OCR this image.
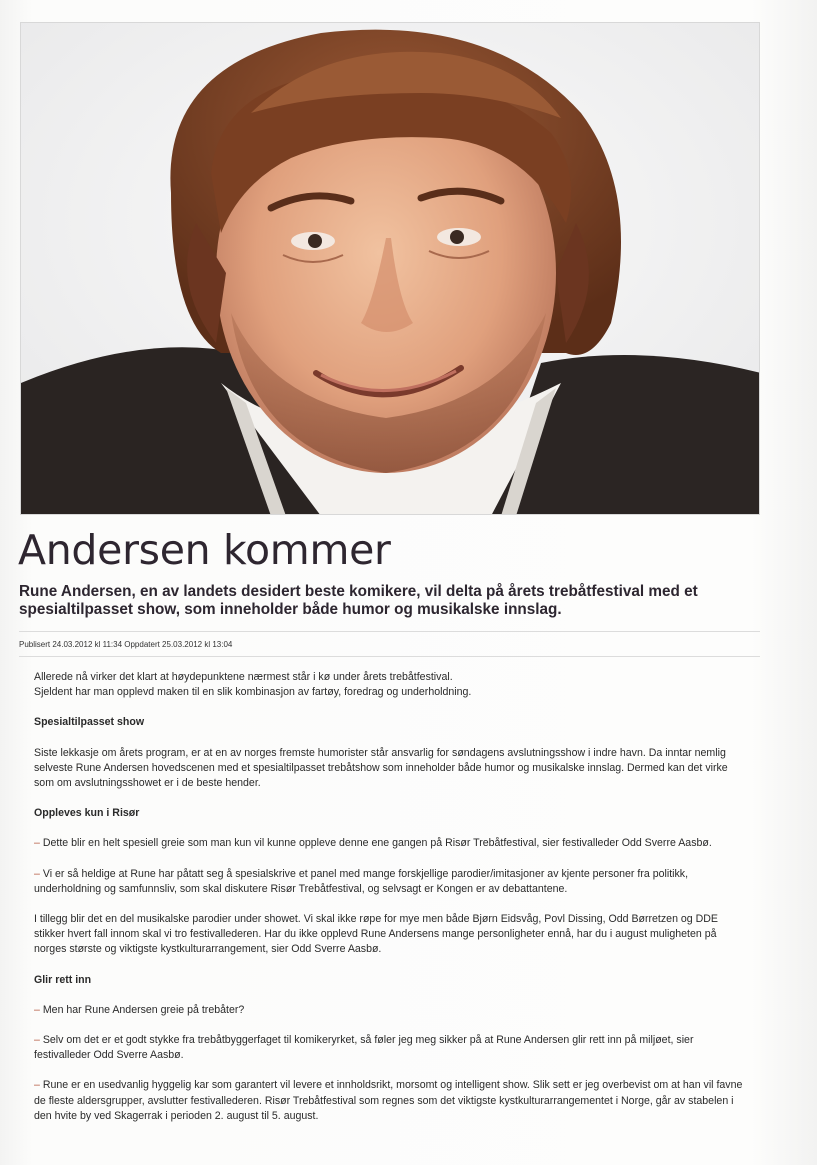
Andersen kommer

Rune Andersen, en av landets desidert beste komikere, vil delta på årets trebåtfestival med et spesialtilpasset show, som inneholder både humor og musikalske innslag.

Publisert 24.03.2012 kl 11:34 Oppdatert 25.03.2012 kl 13:04

Allerede nå virker det klart at høydepunktene nærmest står i kø under årets trebåtfestival.

Sjeldent har man opplevd maken til en slik kombinasjon av fartøy, foredrag og underholdning.

Spesialtilpasset show

Siste lekkasje om årets program, er at en av norges fremste humorister står ansvarlig for søndagens avslutningsshow i indre havn. Da inntar nemlig selveste Rune Andersen hovedscenen med et spesialtilpasset trebåtshow som inneholder både humor og musikalske innslag. Dermed kan det virke som om avslutningsshowet er i de beste hender.

Oppleves kun i Risør

– Dette blir en helt spesiell greie som man kun vil kunne oppleve denne ene gangen på Risør Trebåtfestival, sier festivalleder Odd Sverre Aasbø.

– Vi er så heldige at Rune har påtatt seg å spesialskrive et panel med mange forskjellige parodier/imitasjoner av kjente personer fra politikk, underholdning og samfunnsliv, som skal diskutere Risør Trebåtfestival, og selvsagt er Kongen er av debattantene.

I tillegg blir det en del musikalske parodier under showet. Vi skal ikke røpe for mye men både Bjørn Eidsvåg, Povl Dissing, Odd Børretzen og DDE stikker hvert fall innom skal vi tro festivallederen. Har du ikke opplevd Rune Andersens mange personligheter ennå, har du i august muligheten på norges største og viktigste kystkulturarrangement, sier Odd Sverre Aasbø.

Glir rett inn

– Men har Rune Andersen greie på trebåter?

– Selv om det er et godt stykke fra trebåtbyggerfaget til komikeryrket, så føler jeg meg sikker på at Rune Andersen glir rett inn på miljøet, sier festivalleder Odd Sverre Aasbø.

– Rune er en usedvanlig hyggelig kar som garantert vil levere et innholdsrikt, morsomt og intelligent show. Slik sett er jeg overbevist om at han vil favne de fleste aldersgrupper, avslutter festivallederen. Risør Trebåtfestival som regnes som det viktigste kystkulturarrangementet i Norge, går av stabelen i den hvite by ved Skagerrak i perioden 2. august til 5. august.
